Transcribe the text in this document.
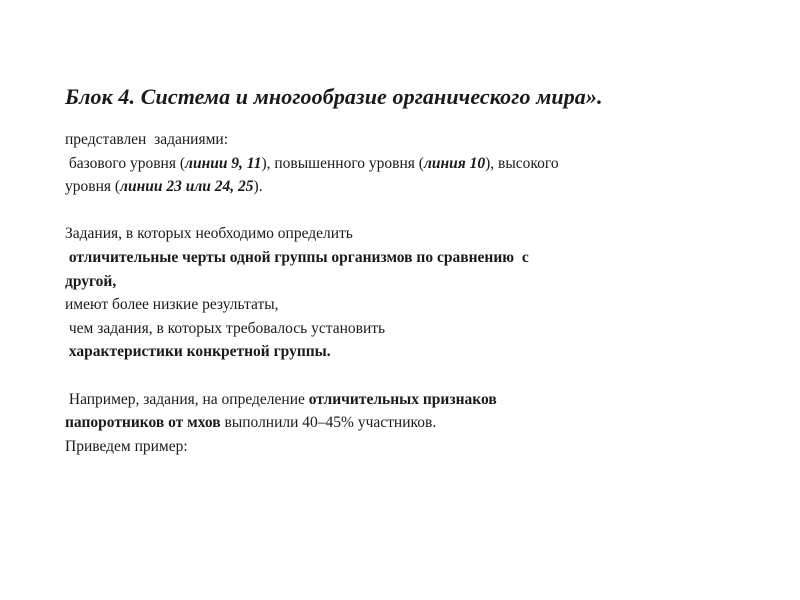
Блок 4. Система и многообразие органического мира».
представлен  заданиями:
базового уровня (линии 9, 11), повышенного уровня (линия 10), высокого
уровня (линии 23 или 24, 25).
Задания, в которых необходимо определить
отличительные черты одной группы организмов по сравнению  с
другой,
имеют более низкие результаты,
чем задания, в которых требовалось установить
характеристики конкретной группы.
Например, задания, на определение отличительных признаков
папоротников от мхов выполнили 40–45% участников.
Приведем пример:
